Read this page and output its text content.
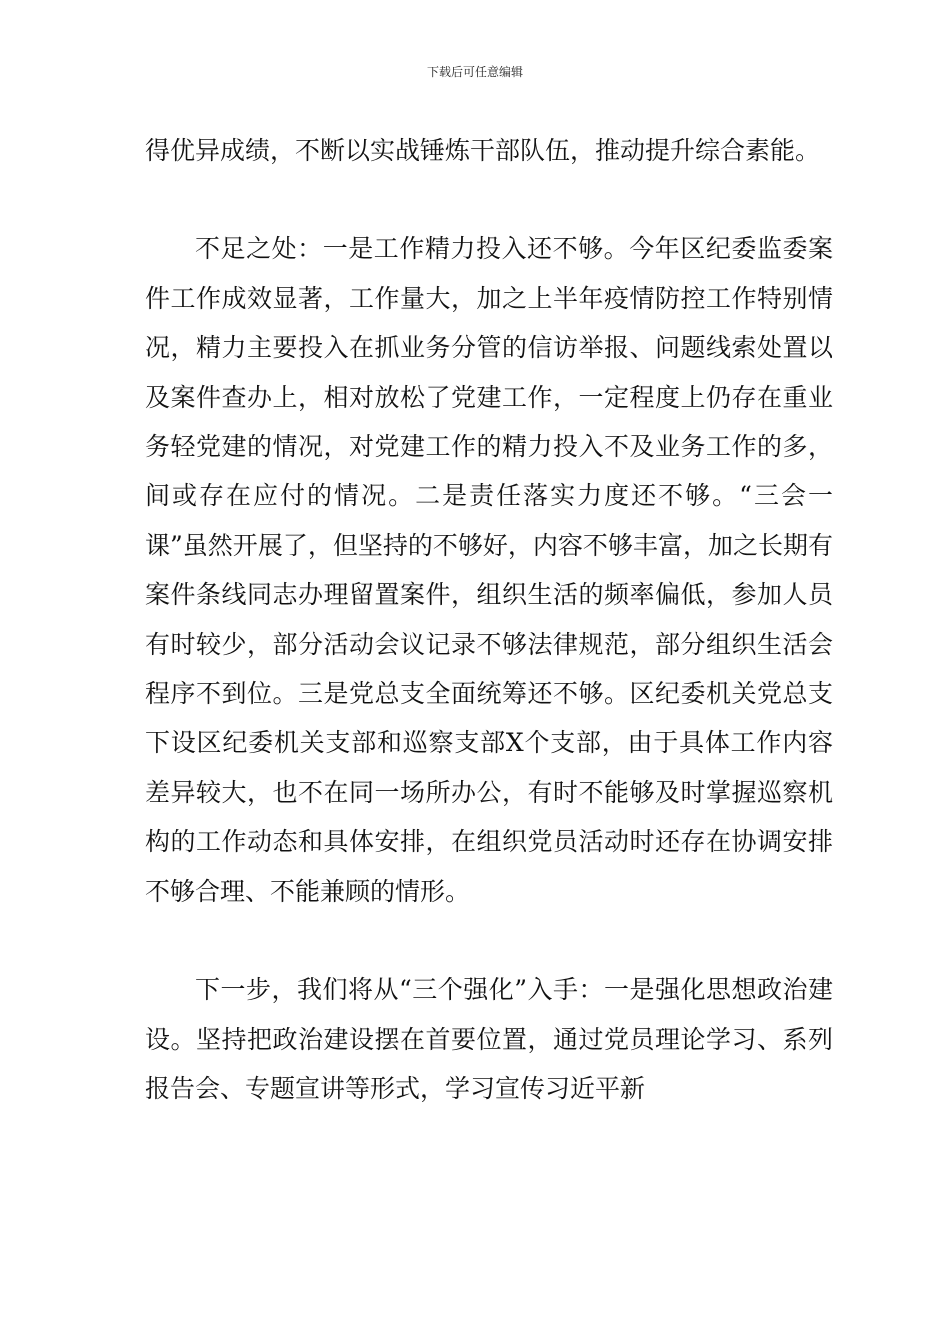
下载后可任意编辑

得优异成绩，不断以实战锤炼干部队伍，推动提升综合素能。

不足之处：一是工作精力投入还不够。今年区纪委监委案件工作成效显著，工作量大，加之上半年疫情防控工作特别情况，精力主要投入在抓业务分管的信访举报、问题线索处置以及案件查办上，相对放松了党建工作，一定程度上仍存在重业务轻党建的情况，对党建工作的精力投入不及业务工作的多，间或存在应付的情况。二是责任落实力度还不够。“三会一课”虽然开展了，但坚持的不够好，内容不够丰富，加之长期有案件条线同志办理留置案件，组织生活的频率偏低，参加人员有时较少，部分活动会议记录不够法律规范，部分组织生活会程序不到位。三是党总支全面统筹还不够。区纪委机关党总支下设区纪委机关支部和巡察支部X个支部，由于具体工作内容差异较大，也不在同一场所办公，有时不能够及时掌握巡察机构的工作动态和具体安排，在组织党员活动时还存在协调安排不够合理、不能兼顾的情形。

下一步，我们将从“三个强化”入手：一是强化思想政治建设。坚持把政治建设摆在首要位置，通过党员理论学习、系列报告会、专题宣讲等形式，学习宣传习近平新
